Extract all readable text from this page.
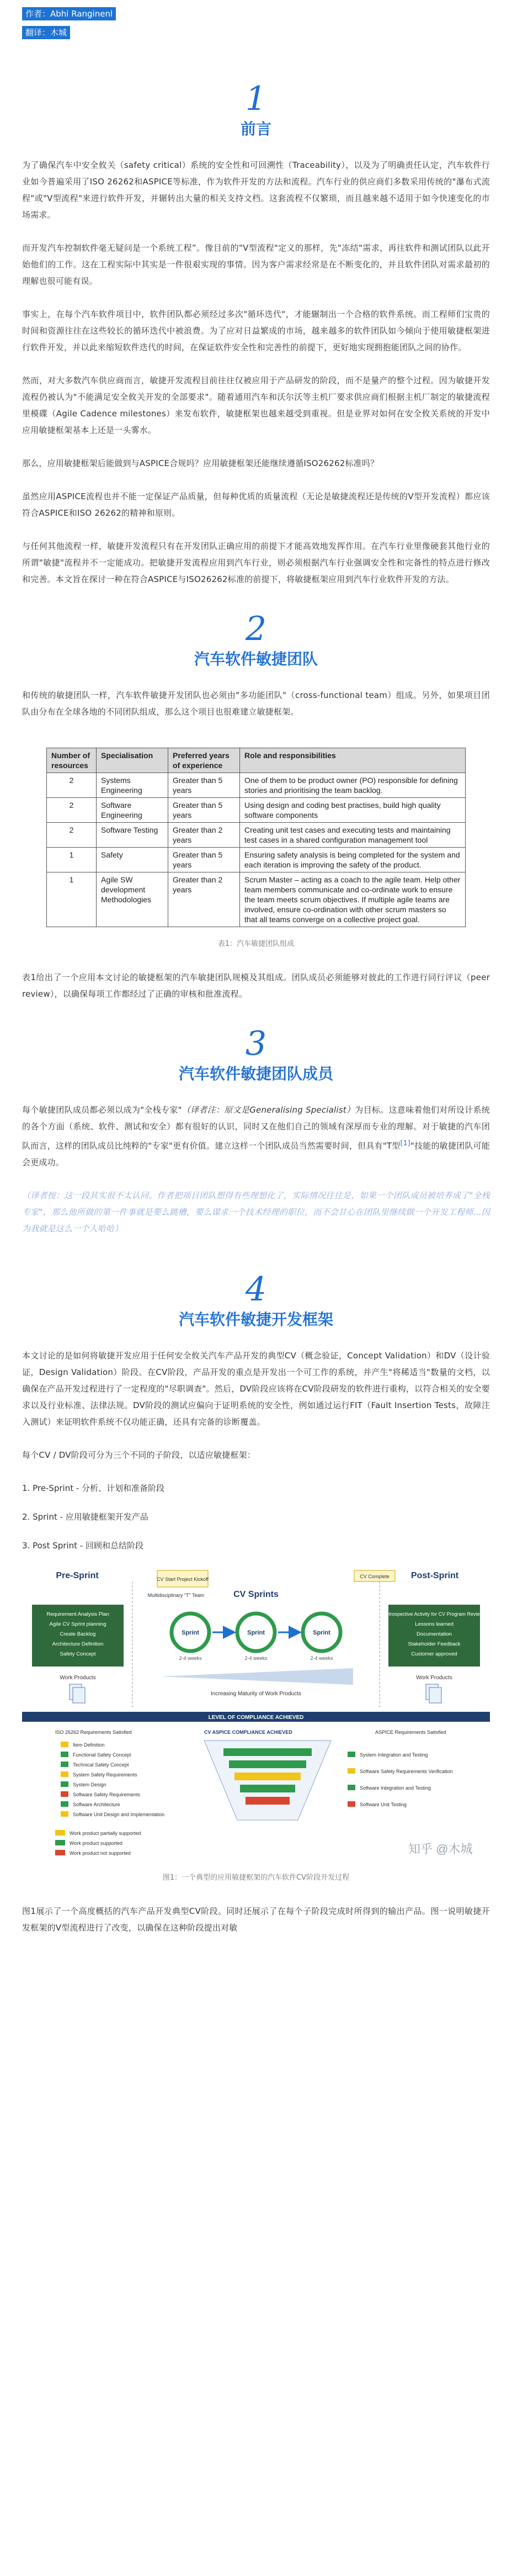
作者：Abhi Ranginenl
翻译：木城
1
前言

为了确保汽车中安全攸关（safety critical）系统的安全性和可回溯性（Traceability），以及为了明确责任认定，汽车软件行业如今普遍采用了ISO 26262和ASPICE等标准，作为软件开发的方法和流程。汽车行业的供应商们多数采用传统的"瀑布式流程"或"V型流程"来进行软件开发，并辗转出大量的相关支持文档。这套流程不仅繁琐，而且越来越不适用于如今快速变化的市场需求。

而开发汽车控制软件毫无疑问是一个系统工程”。像目前的"V型流程"定义的那样，先"冻结"需求，再往软件和测试团队以此开始他们的工作。这在工程实际中其实是一件很艰实现的事情。因为客户需求经常是在不断变化的，并且软件团队对需求最初的理解也很可能有误。

事实上，在每个汽车软件项目中，软件团队都必须经过多次"循环迭代"，才能辗制出一个合格的软件系统。而工程师们宝贵的时间和资源往往在这些较长的循环迭代中被浪费。为了应对日益繁成的市场，越来越多的软件团队如今倾向于使用敏捷框架进行软件开发，并以此来缩短软件迭代的时间，在保证软件安全性和完善性的前提下，更好地实现拥抱能团队之间的协作。

然而，对大多数汽车供应商而言，敏捷开发流程目前往往仅被应用于产品研发的阶段，而不是量产的整个过程。因为敏捷开发流程仍被认为"不能满足安全攸关开发的全部要求"。随着通用汽车和沃尔沃等主机厂要求供应商们根据主机厂制定的敏捷流程里模碟（Agile Cadence milestones）来发布软件，敏捷框架也越来越受到重视。但是业界对如何在安全攸关系统的开发中应用敏捷框架基本上还是一头雾水。

那么，应用敏捷框架后能做到与ASPICE合规吗？应用敏捷框架还能继续遵循ISO26262标准吗？

虽然应用ASPICE流程也并不能一定保证产品质量，但每种优质的质量流程（无论是敏捷流程还是传统的V型开发流程）都应该符合ASPICE和ISO 26262的精神和原则。

与任何其他流程一样，敏捷开发流程只有在开发团队正确应用的前提下才能高效地发挥作用。在汽车行业里像硬套其他行业的所谓"敏捷"流程并不一定能成功。把敏捷开发流程应用到汽车行业，则必须根据汽车行业强调安全性和完备性的特点进行修改和完善。本文旨在探讨一种在符合ASPICE与ISO26262标准的前提下，将敏捷框架应用到汽车行业软件开发的方法。

2
汽车软件敏捷团队

和传统的敏捷团队一样，汽车软件敏捷开发团队也必须由"多功能团队"（cross-functional team）组成。另外，如果项目团队由分布在全球各地的不同团队组成，那么这个项目也很难建立敏捷框架。

Number of resources	Specialisation	Preferred years of experience	Role and responsibilities
2	Systems Engineering	Greater than 5 years	One of them to be product owner (PO) responsible for defining stories and prioritising the team backlog.
2	Software Engineering	Greater than 5 years	Using design and coding best practises, build high quality software components
2	Software Testing	Greater than 2 years	Creating unit test cases and executing tests and maintaining test cases in a shared configuration management tool
1	Safety	Greater than 5 years	Ensuring safety analysis is being completed for the system and each iteration is improving the safety of the product.
1	Agile SW development Methodologies	Greater than 2 years	Scrum Master – acting as a coach to the agile team. Help other team members communicate and co-ordinate work to ensure the team meets scrum objectives. If multiple agile teams are involved, ensure co-ordination with other scrum masters so that all teams converge on a collective project goal.
表1：汽车敏捷团队组成

表1给出了一个应用本文讨论的敏捷框架的汽车敏捷团队规模及其组成。团队成员必须能够对彼此的工作进行同行评议（peer review），以确保每项工作都经过了正确的审核和批准流程。

3
汽车软件敏捷团队成员

每个敏捷团队成员都必须以成为"全栈专家"（译者注：原文是Generalising Specialist）为目标。这意味着他们对所设计系统的各个方面（系统、软件、测试和安全）都有很好的认识，同时又在他们自己的领域有深厚而专业的理解。对于敏捷的汽车团队而言，这样的团队成员比纯粹的"专家"更有价值。建立这样一个团队成员当然需要时间，但具有"T型[1]"技能的敏捷团队可能会更成功。

（译者按：这一段其实很不太认同。作者把项目团队想得有些理想化了，实际情况往往是，如果一个团队成员被培养成了"全栈专家"，那么他所做的第一件事就是要么跳槽，要么谋求一个技术经理的职位，而不会甘心在团队里继续做一个开发工程师...因为我就是这么一个人哈哈）

4
汽车软件敏捷开发框架

本文讨论的是如何将敏捷开发应用于任何安全攸关汽车产品开发的典型CV（概念验证，Concept Validation）和DV（设计验证，Design Validation）阶段。在CV阶段，产品开发的重点是开发出一个可工作的系统，并产生"将稀适当"数量的文档，以确保在产品开发过程进行了一定程度的"尽职调查"。然后，DV阶段应该将在CV阶段研发的软件进行重构，以符合相关的安全要求以及行业标准、法律法规。DV阶段的测试应偏向于证明系统的安全性，例如通过运行FIT（Fault Insertion Tests，故障注入测试）来证明软件系统不仅功能正确，还具有完备的诊断覆盖。

每个CV / DV阶段可分为三个不同的子阶段，以适应敏捷框架：

1. Pre-Sprint - 分析、计划和准备阶段
2. Sprint - 应用敏捷框架开发产品
3. Post Sprint - 回顾和总结阶段
Pre-Sprint
CV Sprints
Post-Sprint
CV Start Project Kickoff
Multidisciplinary "T" Team
Requirement Analysis Plan
Agile CV Sprint planning
Create Backlog
Architecture Definition
Safety Concept
Work Products
Retrospective Activity for CV Program Reviews
Lessons learned
Documentation
Stakeholder Feedback
Customer approved
Work Products
CV Complete
Sprint	Sprint	Sprint
2-4 weeks	2-4 weeks	2-4 weeks
Increasing Maturity of Work Products
LEVEL OF COMPLIANCE ACHIEVED
ISO 26262 Requirements Satisfied	CV ASPICE COMPLIANCE ACHIEVED	ASPICE Requirements Satisfied
Item Definition
Functional Safety Concept
Technical Safety Concept
System Safety Requirements
System Design
Software Safety Requirements
Software Architecture
Software Unit Design and Implementation
System Integration and Testing
Software Safety Requirements Verification
Software Integration and Testing
Software Unit Testing
Work product partially supported
Work product supported
Work product not supported	知乎 @木城
图1：一个典型的应用敏捷框架的汽车软件CV阶段开发过程

图1展示了一个高度概括的汽车产品开发典型CV阶段。同时还展示了在每个子阶段完成时所得到的输出产品。图一说明敏捷开发框架的V型流程进行了改变，以确保在这种阶段提出对敏
